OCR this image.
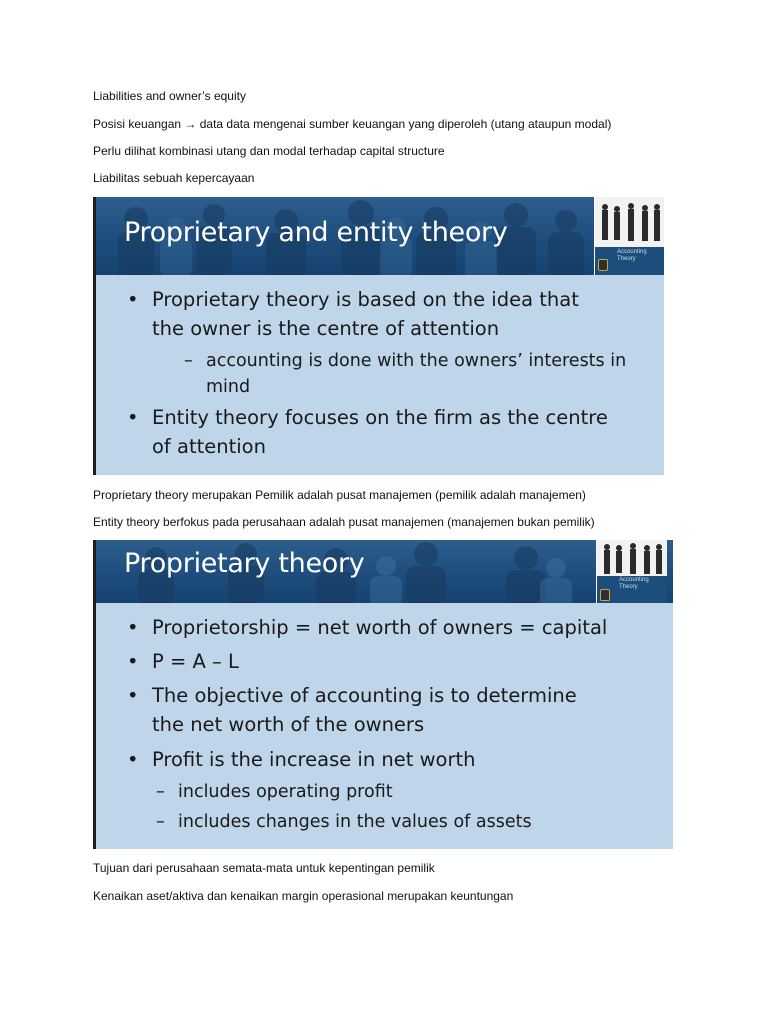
Liabilities and owner’s equity
Posisi keuangan → data data mengenai sumber keuangan yang diperoleh (utang ataupun modal)
Perlu dilihat kombinasi utang dan modal terhadap capital structure
Liabilitas sebuah kepercayaan
Proprietary and entity theory
Accounting Theory
• Proprietary theory is based on the idea that
the owner is the centre of attention
– accounting is done with the owners’ interests in
mind
• Entity theory focuses on the firm as the centre
of attention
Proprietary theory merupakan Pemilik adalah pusat manajemen (pemilik adalah manajemen)
Entity theory berfokus pada perusahaan adalah pusat manajemen (manajemen bukan pemilik)
Proprietary theory
Accounting Theory
• Proprietorship = net worth of owners = capital
• P = A – L
• The objective of accounting is to determine
the net worth of the owners
• Profit is the increase in net worth
– includes operating profit
– includes changes in the values of assets
Tujuan dari perusahaan semata-mata untuk kepentingan pemilik
Kenaikan aset/aktiva dan kenaikan margin operasional merupakan keuntungan
